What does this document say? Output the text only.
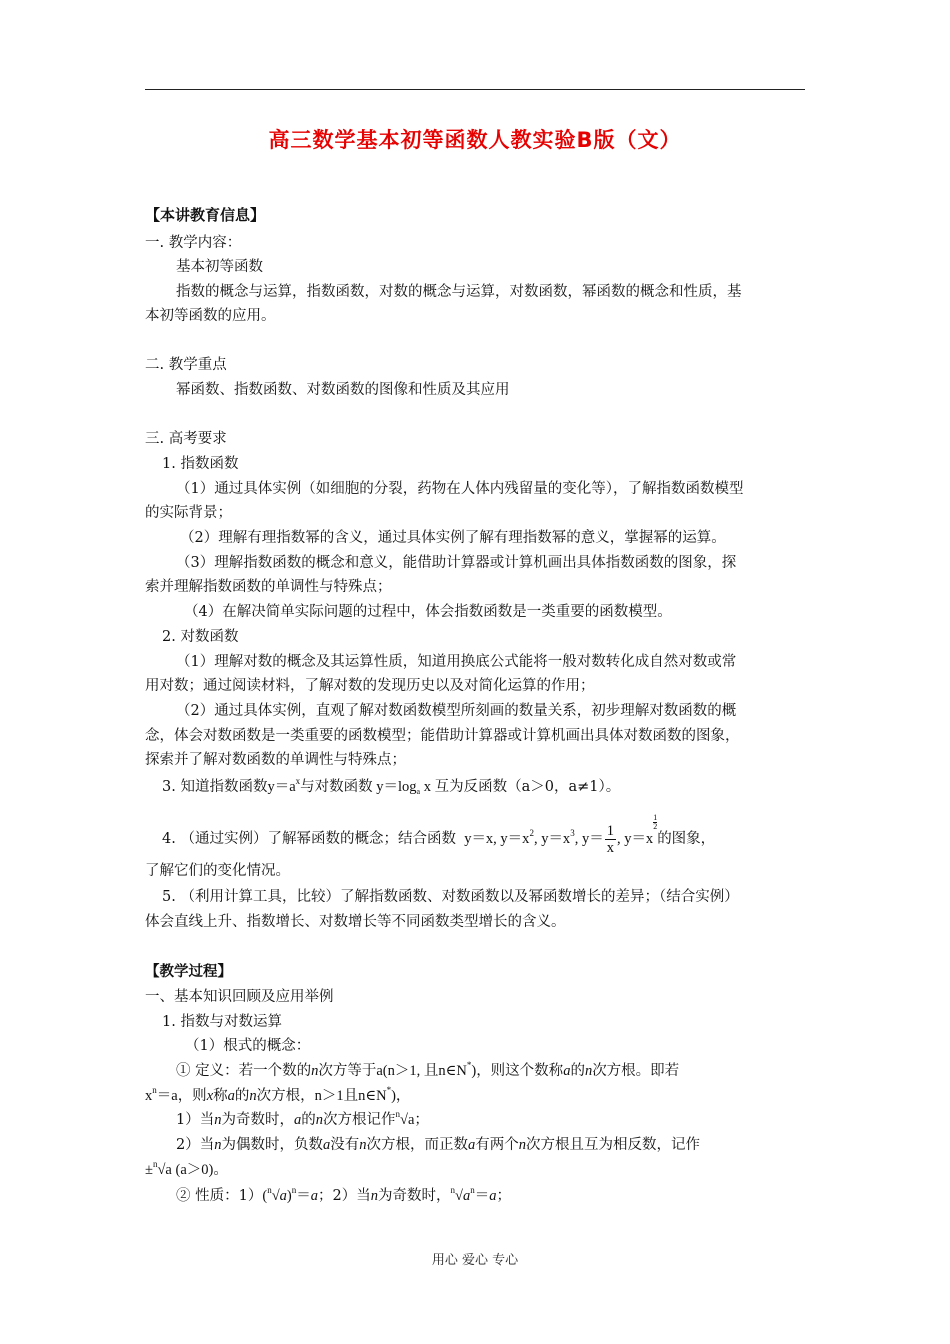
高三数学基本初等函数人教实验B版（文）
【本讲教育信息】
一. 教学内容：
基本初等函数
指数的概念与运算，指数函数，对数的概念与运算，对数函数，幂函数的概念和性质，基
本初等函数的应用。
二. 教学重点
幂函数、指数函数、对数函数的图像和性质及其应用
三. 高考要求
1. 指数函数
（1）通过具体实例（如细胞的分裂，药物在人体内残留量的变化等），了解指数函数模型
的实际背景；
（2）理解有理指数幂的含义，通过具体实例了解有理指数幂的意义，掌握幂的运算。
（3）理解指数函数的概念和意义，能借助计算器或计算机画出具体指数函数的图象，探
索并理解指数函数的单调性与特殊点；
（4）在解决简单实际问题的过程中，体会指数函数是一类重要的函数模型。
2. 对数函数
（1）理解对数的概念及其运算性质，知道用换底公式能将一般对数转化成自然对数或常
用对数；通过阅读材料，了解对数的发现历史以及对简化运算的作用；
（2）通过具体实例，直观了解对数函数模型所刻画的数量关系，初步理解对数函数的概
念，体会对数函数是一类重要的函数模型；能借助计算器或计算机画出具体对数函数的图象，
探索并了解对数函数的单调性与特殊点；
3. 知道指数函数$y=a^x$与对数函数 $y=\log_a$ x 互为反函数（a＞0，a≠1）。
4. （通过实例）了解幂函数的概念；结合函数  y＝x, $y=x^2$, $y=x^3$, $y= \frac{1}{x}$ , y＝x
$\frac{1}{2}$的图象，
了解它们的变化情况。
5. （利用计算工具，比较）了解指数函数、对数函数以及幂函数增长的差异；（结合实例）
体会直线上升、指数增长、对数增长等不同函数类型增长的含义。
【教学过程】
一、基本知识回顾及应用举例
1. 指数与对数运算
（1）根式的概念：
① 定义：若一个数的n次方等于a(n＞1, 且n∈N*)，则这个数称a的n次方根。即若
$x^n=a$，则x称a的n次方根，n＞1且n∈N*)，
1）当n为奇数时，a的n次方根记作$^n$√a；
2）当n为偶数时，负数a没有n次方根，而正数a有两个n次方根且互为相反数，记作
±$^n$√a (a＞0)。
② 性质：$1)(^n√a)^n=a$；2）当n为奇数时，$^n√a^n=a$；
用心 爱心 专心
